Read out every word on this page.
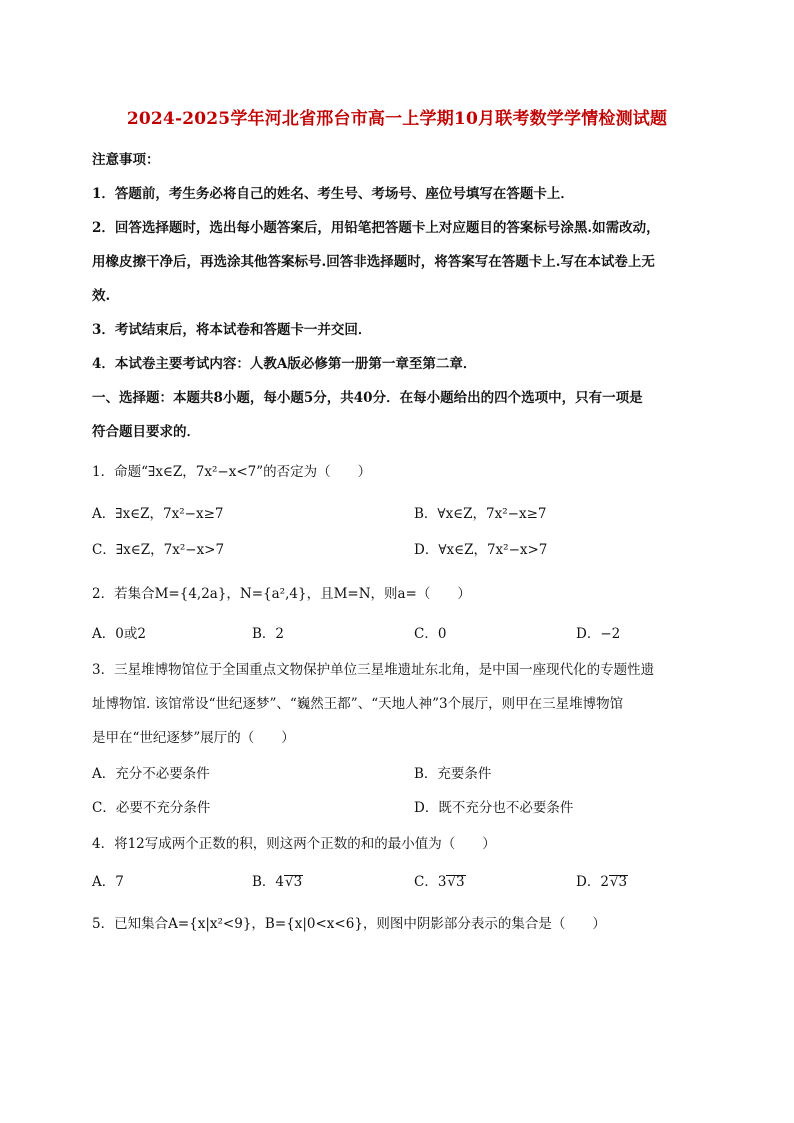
2024-2025学年河北省邢台市高一上学期10月联考数学学情检测试题
注意事项：
1．答题前，考生务必将自己的姓名、考生号、考场号、座位号填写在答题卡上．
2．回答选择题时，选出每小题答案后，用铅笔把答题卡上对应题目的答案标号涂黑.如需改动，
用橡皮擦干净后，再选涂其他答案标号.回答非选择题时，将答案写在答题卡上.写在本试卷上无
效.
3．考试结束后，将本试卷和答题卡一并交回．
4．本试卷主要考试内容：人教A版必修第一册第一章至第二章．
一、选择题：本题共8小题，每小题5分，共40分．在每小题给出的四个选项中，只有一项是
符合题目要求的．
1．命题“∃x∈Z，7x²−x<7”的否定为（　　）
A．∃x∈Z，7x²−x≥7	B．∀x∈Z，7x²−x≥7
C．∃x∈Z，7x²−x>7	D．∀x∈Z，7x²−x>7
2．若集合M={4,2a}，N={a²,4}，且M=N，则a=（　　）
A．0或2	B．2	C．0	D．−2
3．三星堆博物馆位于全国重点文物保护单位三星堆遗址东北角，是中国一座现代化的专题性遗
址博物馆. 该馆常设“世纪逐梦”、“巍然王都”、“天地人神”3个展厅，则甲在三星堆博物馆
是甲在“世纪逐梦”展厅的（　　）
A．充分不必要条件	B．充要条件
C．必要不充分条件	D．既不充分也不必要条件
4．将12写成两个正数的积，则这两个正数的和的最小值为（　　）
A．7	B．4√3	C．3√3	D．2√3
5．已知集合A={x|x²<9}，B={x|0<x<6}，则图中阴影部分表示的集合是（　　）
